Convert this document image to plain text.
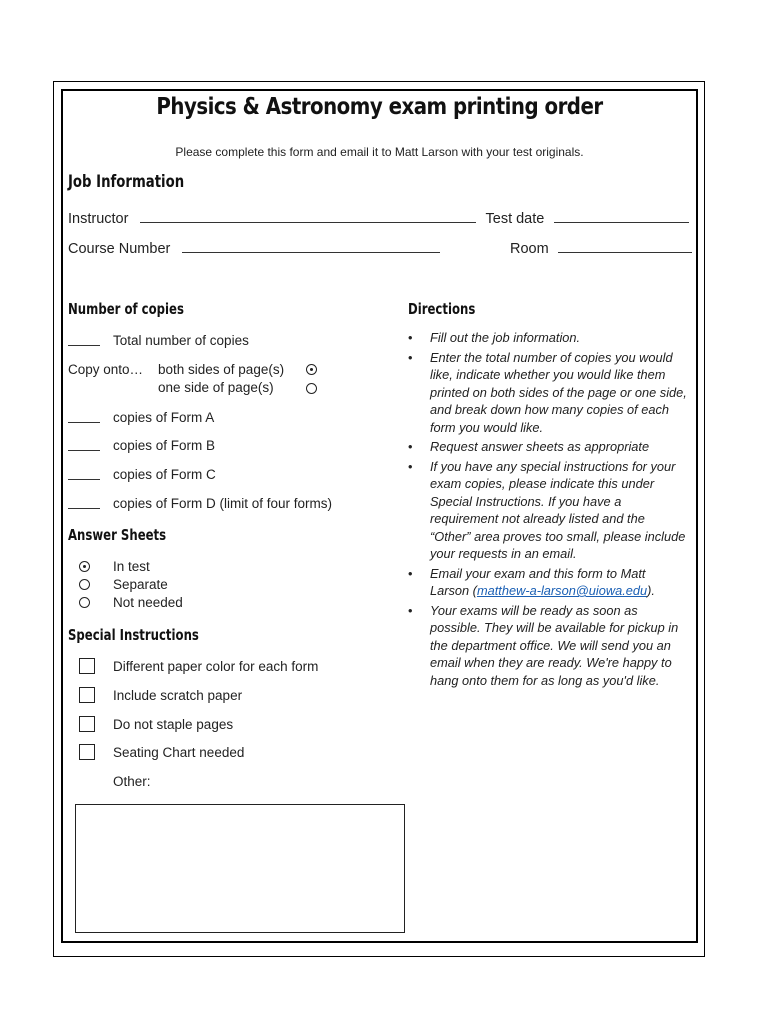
Physics & Astronomy exam printing order
Please complete this form and email it to Matt Larson with your test originals.
Job Information
Instructor	Test date
Course Number	Room
Number of copies
Total number of copies
Copy onto… both sides of page(s)
one side of page(s)
copies of Form A
copies of Form B
copies of Form C
copies of Form D (limit of four forms)
Answer Sheets
In test
Separate
Not needed
Special Instructions
Different paper color for each form
Include scratch paper
Do not staple pages
Seating Chart needed
Other:
Directions
• Fill out the job information.
• Enter the total number of copies you would like, indicate whether you would like them printed on both sides of the page or one side, and break down how many copies of each form you would like.
• Request answer sheets as appropriate
• If you have any special instructions for your exam copies, please indicate this under Special Instructions. If you have a requirement not already listed and the “Other” area proves too small, please include your requests in an email.
• Email your exam and this form to Matt Larson (matthew-a-larson@uiowa.edu).
• Your exams will be ready as soon as possible. They will be available for pickup in the department office. We will send you an email when they are ready. We're happy to hang onto them for as long as you'd like.
